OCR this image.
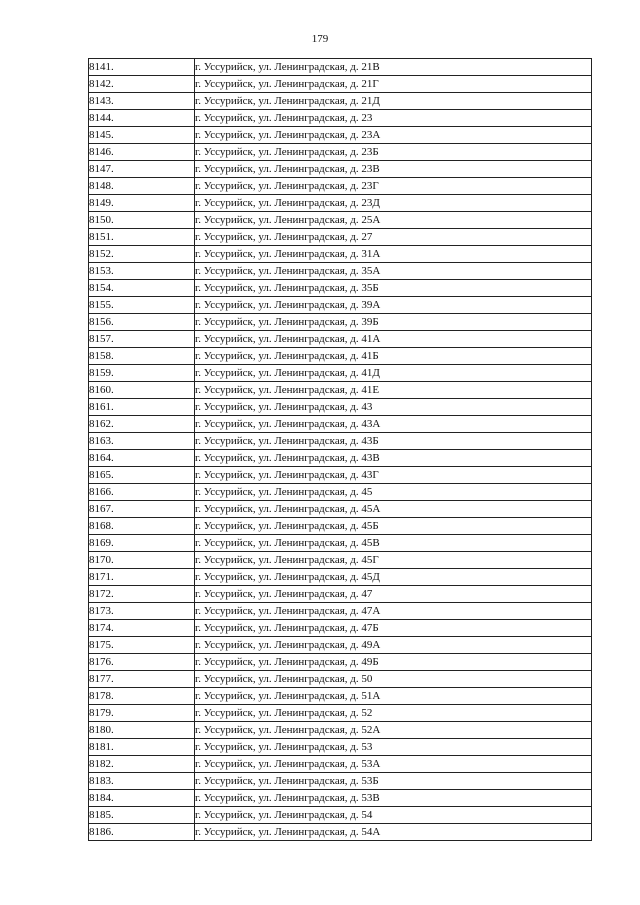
179
8141.	г. Уссурийск, ул. Ленинградская, д. 21В
8142.	г. Уссурийск, ул. Ленинградская, д. 21Г
8143.	г. Уссурийск, ул. Ленинградская, д. 21Д
8144.	г. Уссурийск, ул. Ленинградская, д. 23
8145.	г. Уссурийск, ул. Ленинградская, д. 23А
8146.	г. Уссурийск, ул. Ленинградская, д. 23Б
8147.	г. Уссурийск, ул. Ленинградская, д. 23В
8148.	г. Уссурийск, ул. Ленинградская, д. 23Г
8149.	г. Уссурийск, ул. Ленинградская, д. 23Д
8150.	г. Уссурийск, ул. Ленинградская, д. 25А
8151.	г. Уссурийск, ул. Ленинградская, д. 27
8152.	г. Уссурийск, ул. Ленинградская, д. 31А
8153.	г. Уссурийск, ул. Ленинградская, д. 35А
8154.	г. Уссурийск, ул. Ленинградская, д. 35Б
8155.	г. Уссурийск, ул. Ленинградская, д. 39А
8156.	г. Уссурийск, ул. Ленинградская, д. 39Б
8157.	г. Уссурийск, ул. Ленинградская, д. 41А
8158.	г. Уссурийск, ул. Ленинградская, д. 41Б
8159.	г. Уссурийск, ул. Ленинградская, д. 41Д
8160.	г. Уссурийск, ул. Ленинградская, д. 41Е
8161.	г. Уссурийск, ул. Ленинградская, д. 43
8162.	г. Уссурийск, ул. Ленинградская, д. 43А
8163.	г. Уссурийск, ул. Ленинградская, д. 43Б
8164.	г. Уссурийск, ул. Ленинградская, д. 43В
8165.	г. Уссурийск, ул. Ленинградская, д. 43Г
8166.	г. Уссурийск, ул. Ленинградская, д. 45
8167.	г. Уссурийск, ул. Ленинградская, д. 45А
8168.	г. Уссурийск, ул. Ленинградская, д. 45Б
8169.	г. Уссурийск, ул. Ленинградская, д. 45В
8170.	г. Уссурийск, ул. Ленинградская, д. 45Г
8171.	г. Уссурийск, ул. Ленинградская, д. 45Д
8172.	г. Уссурийск, ул. Ленинградская, д. 47
8173.	г. Уссурийск, ул. Ленинградская, д. 47А
8174.	г. Уссурийск, ул. Ленинградская, д. 47Б
8175.	г. Уссурийск, ул. Ленинградская, д. 49А
8176.	г. Уссурийск, ул. Ленинградская, д. 49Б
8177.	г. Уссурийск, ул. Ленинградская, д. 50
8178.	г. Уссурийск, ул. Ленинградская, д. 51А
8179.	г. Уссурийск, ул. Ленинградская, д. 52
8180.	г. Уссурийск, ул. Ленинградская, д. 52А
8181.	г. Уссурийск, ул. Ленинградская, д. 53
8182.	г. Уссурийск, ул. Ленинградская, д. 53А
8183.	г. Уссурийск, ул. Ленинградская, д. 53Б
8184.	г. Уссурийск, ул. Ленинградская, д. 53В
8185.	г. Уссурийск, ул. Ленинградская, д. 54
8186.	г. Уссурийск, ул. Ленинградская, д. 54А
